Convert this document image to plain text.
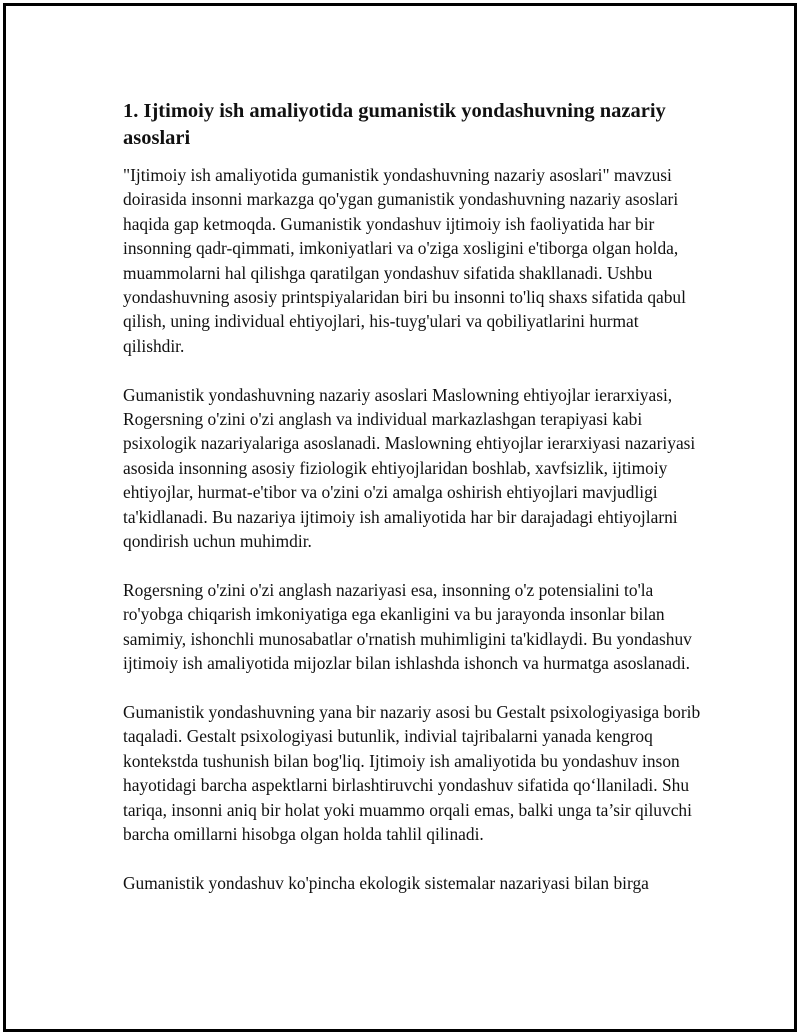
1. Ijtimoiy ish amaliyotida gumanistik yondashuvning nazariy asoslari

"Ijtimoiy ish amaliyotida gumanistik yondashuvning nazariy asoslari" mavzusi doirasida insonni markazga qo'ygan gumanistik yondashuvning nazariy asoslari haqida gap ketmoqda. Gumanistik yondashuv ijtimoiy ish faoliyatida har bir insonning qadr-qimmati, imkoniyatlari va o'ziga xosligini e'tiborga olgan holda, muammolarni hal qilishga qaratilgan yondashuv sifatida shakllanadi. Ushbu yondashuvning asosiy printspiyalaridan biri bu insonni to'liq shaxs sifatida qabul qilish, uning individual ehtiyojlari, his-tuyg'ulari va qobiliyatlarini hurmat qilishdir.

Gumanistik yondashuvning nazariy asoslari Maslowning ehtiyojlar ierarxiyasi, Rogersning o'zini o'zi anglash va individual markazlashgan terapiyasi kabi psixologik nazariyalariga asoslanadi. Maslowning ehtiyojlar ierarxiyasi nazariyasi asosida insonning asosiy fiziologik ehtiyojlaridan boshlab, xavfsizlik, ijtimoiy ehtiyojlar, hurmat-e'tibor va o'zini o'zi amalga oshirish ehtiyojlari mavjudligi ta'kidlanadi. Bu nazariya ijtimoiy ish amaliyotida har bir darajadagi ehtiyojlarni qondirish uchun muhimdir.

Rogersning o'zini o'zi anglash nazariyasi esa, insonning o'z potensialini to'la ro'yobga chiqarish imkoniyatiga ega ekanligini va bu jarayonda insonlar bilan samimiy, ishonchli munosabatlar o'rnatish muhimligini ta'kidlaydi. Bu yondashuv ijtimoiy ish amaliyotida mijozlar bilan ishlashda ishonch va hurmatga asoslanadi.

Gumanistik yondashuvning yana bir nazariy asosi bu Gestalt psixologiyasiga borib taqaladi. Gestalt psixologiyasi butunlik, indivial tajribalarni yanada kengroq kontekstda tushunish bilan bog'liq. Ijtimoiy ish amaliyotida bu yondashuv inson hayotidagi barcha aspektlarni birlashtiruvchi yondashuv sifatida qo‘llaniladi. Shu tariqa, insonni aniq bir holat yoki muammo orqali emas, balki unga ta’sir qiluvchi barcha omillarni hisobga olgan holda tahlil qilinadi.

Gumanistik yondashuv ko'pincha ekologik sistemalar nazariyasi bilan birga
